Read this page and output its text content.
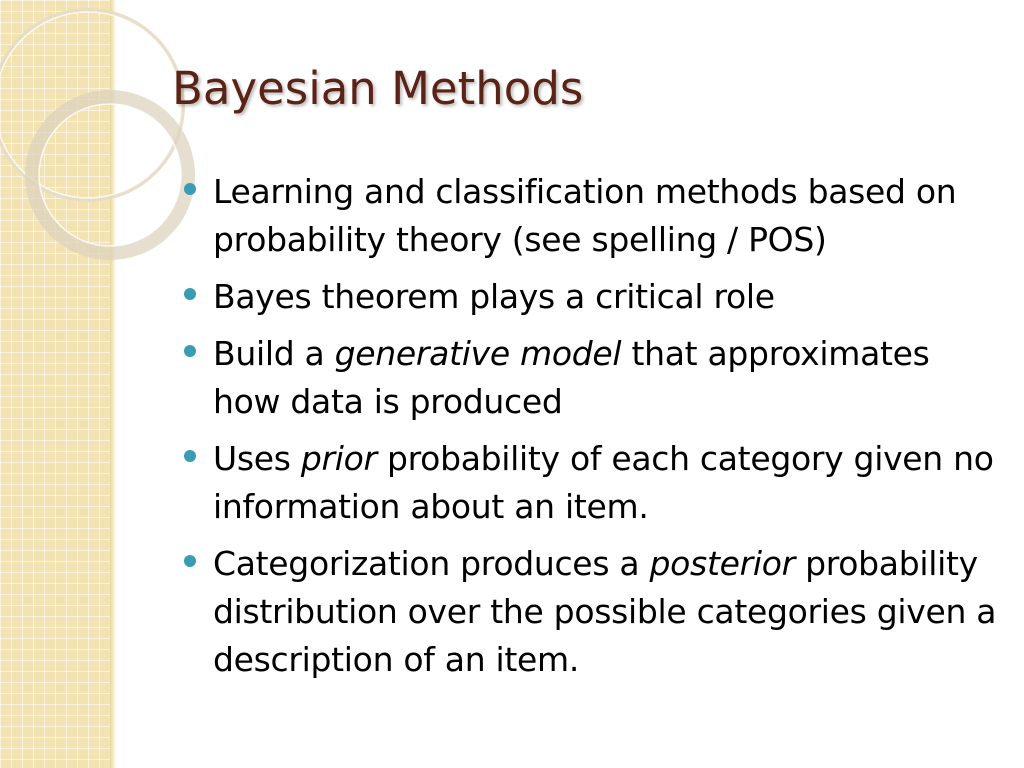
Bayesian Methods
Learning and classification methods based on probability theory (see spelling / POS)
Bayes theorem plays a critical role
Build a generative model that approximates how data is produced
Uses prior probability of each category given no information about an item.
Categorization produces a posterior probability distribution over the possible categories given a description of an item.
